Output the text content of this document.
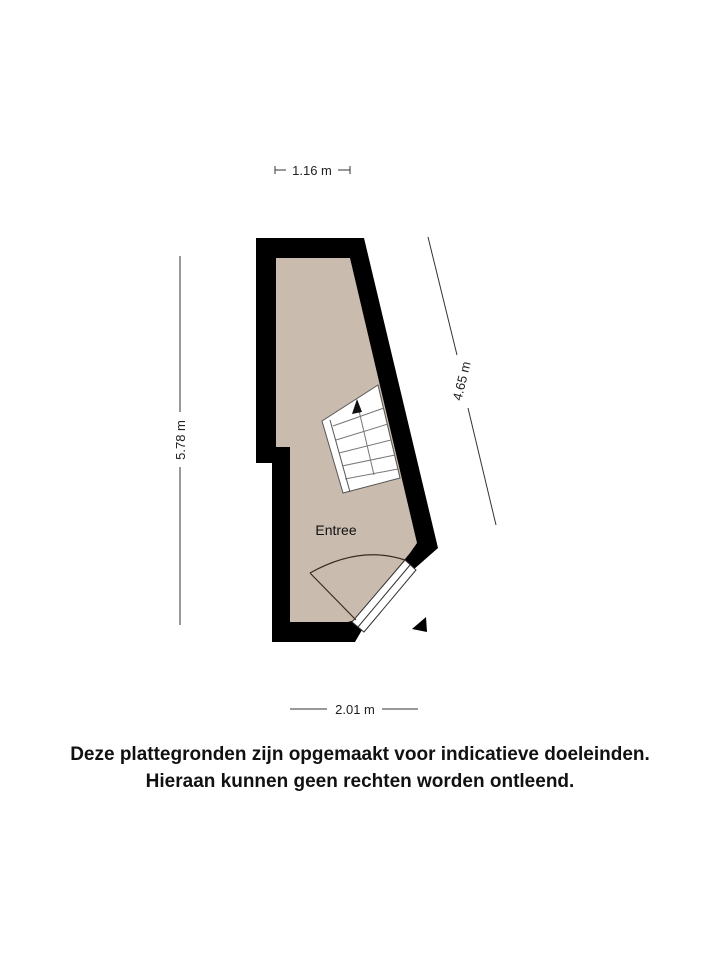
1.16 m
5.78 m
4.65 m
2.01 m
Entree
Deze plattegronden zijn opgemaakt voor indicatieve doeleinden.
Hieraan kunnen geen rechten worden ontleend.
